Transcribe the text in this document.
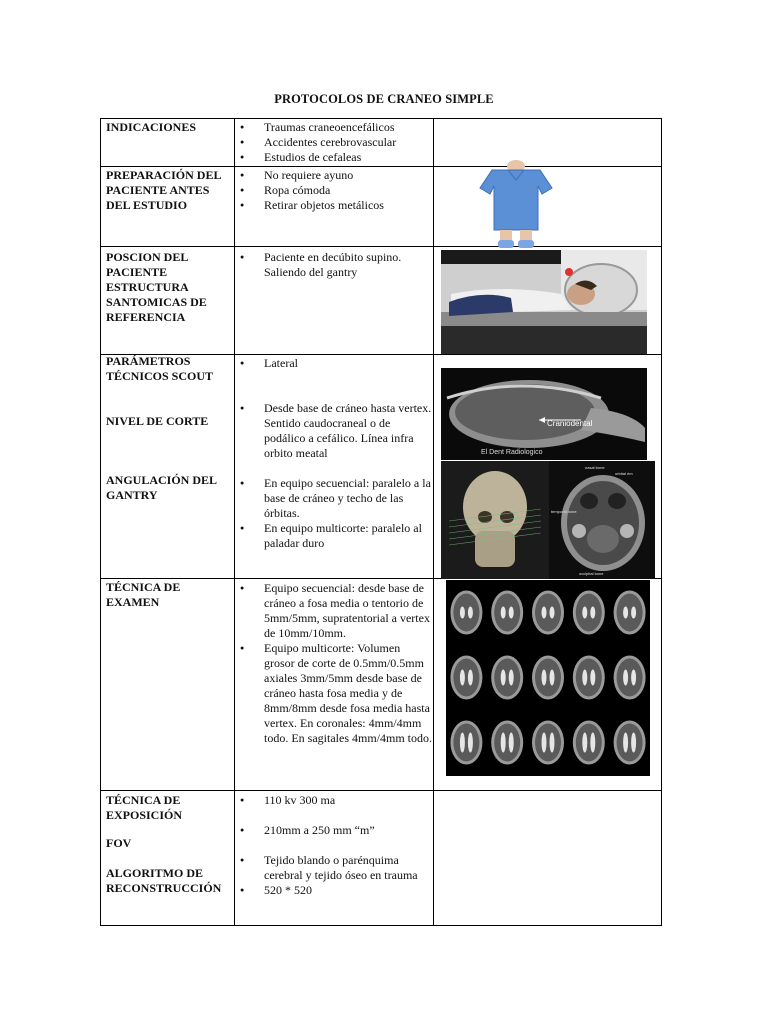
PROTOCOLOS DE CRANEO SIMPLE
INDICACIONES
●	Traumas craneoencefálicos
● Accidentes cerebrovascular
● Estudios de cefaleas
PREPARACIÓN DEL PACIENTE ANTES DEL ESTUDIO
● No requiere ayuno
● Ropa cómoda
● Retirar objetos metálicos
POSCION DEL PACIENTE ESTRUCTURA SANTOMICAS DE REFERENCIA
● Paciente en decúbito supino. Saliendo del gantry
PARÁMETROS TÉCNICOS SCOUT
NIVEL DE CORTE
ANGULACIÓN DEL GANTRY
● Lateral
● Desde base de cráneo hasta vertex. Sentido caudocraneal o de podálico a cefálico. Línea infra orbito meatal
● En equipo secuencial: paralelo a la base de cráneo y techo de las órbitas.
● En equipo multicorte: paralelo al paladar duro
TÉCNICA DE EXAMEN
● Equipo secuencial: desde base de cráneo a fosa media o tentorio de 5mm/5mm, supratentorial a vertex de 10mm/10mm.
● Equipo multicorte: Volumen grosor de corte de 0.5mm/0.5mm axiales 3mm/5mm desde base de cráneo hasta fosa media y de 8mm/8mm desde fosa media hasta vertex. En coronales: 4mm/4mm todo. En sagitales 4mm/4mm todo.
TÉCNICA DE EXPOSICIÓN
FOV
ALGORITMO DE RECONSTRUCCIÓN
● 110 kv 300 ma
● 210mm a 250 mm “m”
● Tejido blando o parénquima cerebral y tejido óseo en trauma
● 520 * 520
Craniodental
El Dent Radiologico
nasal bone
orbital rim
temporal bone
occipital bone
